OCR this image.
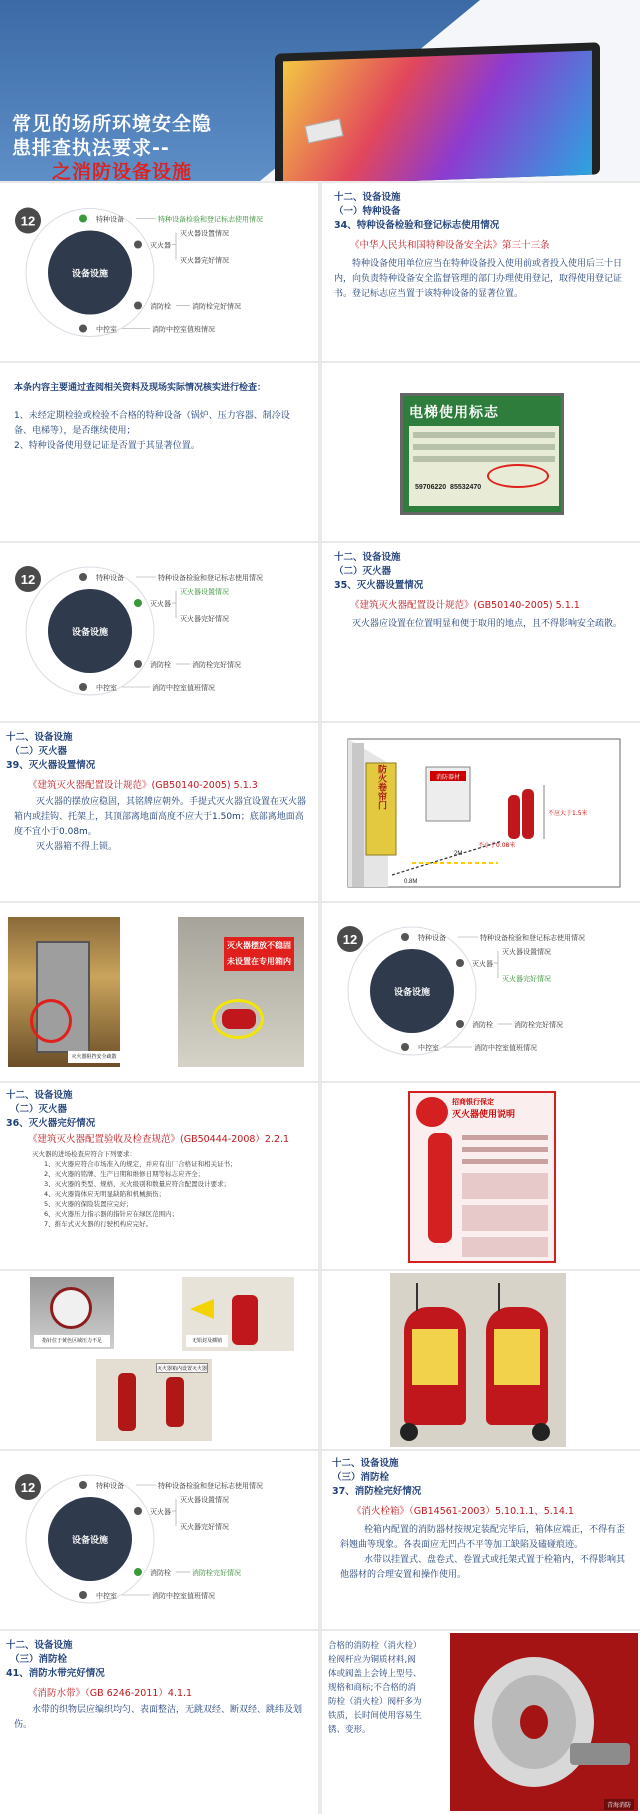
常见的场所环境安全隐
患排查执法要求--
之消防设备设施
12
设备设施
特种设备	特种设备检验和登记标志使用情况
灭火器
灭火器设置情况
灭火器完好情况
消防栓	消防栓完好情况
中控室	消防中控室值班情况
十二、设备设施
（一）特种设备
34、特种设备检验和登记标志使用情况
《中华人民共和国特种设备安全法》第三十三条
特种设备使用单位应当在特种设备投入使用前或者投入使用后三十日内，向负责特种设备安全监督管理的部门办理使用登记，取得使用登记证书。登记标志应当置于该特种设备的显著位置。
本条内容主要通过查阅相关资料及现场实际情况核实进行检查：
1、未经定期检验或检验不合格的特种设备（锅炉、压力容器、制冷设备、电梯等），是否继续使用；
2、特种设备使用登记证是否置于其显著位置。
电梯使用标志
59706220 85532470
12
设备设施
特种设备	特种设备检验和登记标志使用情况
灭火器
灭火器设置情况
灭火器完好情况
消防栓	消防栓完好情况
中控室	消防中控室值班情况
十二、设备设施
（二）灭火器
35、灭火器设置情况
《建筑灭火器配置设计规范》(GB50140-2005) 5.1.1
灭火器应设置在位置明显和便于取用的地点，且不得影响安全疏散。
十二、设备设施
（二）灭火器
39、灭火器设置情况
《建筑灭火器配置设计规范》(GB50140-2005) 5.1.3
灭火器的摆放应稳固，其铭牌应朝外。手提式灭火器宜设置在灭火器箱内或挂钩、托架上，其顶部离地面高度不应大于1.50m；底部离地面高度不宜小于0.08m。
灭火器箱不得上锁。
防火卷帘门	消防器材
不应大于1.5米
不小于0.08米
0.8M
2M
灭火器阻挡安全疏散
灭火器摆放不稳固
未设置在专用箱内
12
设备设施
特种设备	特种设备检验和登记标志使用情况
灭火器
灭火器设置情况
灭火器完好情况
消防栓	消防栓完好情况
中控室	消防中控室值班情况
十二、设备设施
（二）灭火器
36、灭火器完好情况
《建筑灭火器配置验收及检查规范》(GB50444-2008）2.2.1
灭火器的进场检查应符合下列要求：
1、灭火器应符合市场准入的规定，并应有出厂合格证和相关证书；
2、灭火器的铭牌、生产日期和维修日期等标志应齐全；
3、灭火器的类型、规格、灭火级别和数量应符合配置设计要求；
4、灭火器筒体应无明显缺陷和机械损伤；
5、灭火器的保险装置应完好；
6、灭火器压力指示器的指针应在绿区范围内；
7、推车式灭火器的行驶机构应完好。
招商银行保定
灭火器使用说明
指针位于黄色区域压力不足	无铅封及插销
灭火器箱内设置灭火器
12
设备设施
特种设备	特种设备检验和登记标志使用情况
灭火器
灭火器设置情况
灭火器完好情况
消防栓	消防栓完好情况
中控室	消防中控室值班情况
十二、设备设施
（三）消防栓
37、消防栓完好情况
《消火栓箱》（GB14561-2003）5.10.1.1、5.14.1
栓箱内配置的消防器材按规定装配完毕后，箱体应端正，不得有歪斜翘曲等现象。各表面应无凹凸不平等加工缺陷及磕碰痕迹。
水带以挂置式、盘卷式、卷置式或托架式置于栓箱内，不得影响其他器材的合理安置和操作使用。
十二、设备设施
（三）消防栓
41、消防水带完好情况
《消防水带》（GB 6246-2011）4.1.1
水带的织物层应编织均匀、表面整洁，无跳双经、断双经、跳纬及划伤。
合格的消防栓（消火栓）栓阀杆应为铜质材料,阀体或阀盖上会铸上型号、规格和商标;不合格的消防栓（消火栓）阀杆多为铁质，长时间使用容易生锈、变形。
青海消防
